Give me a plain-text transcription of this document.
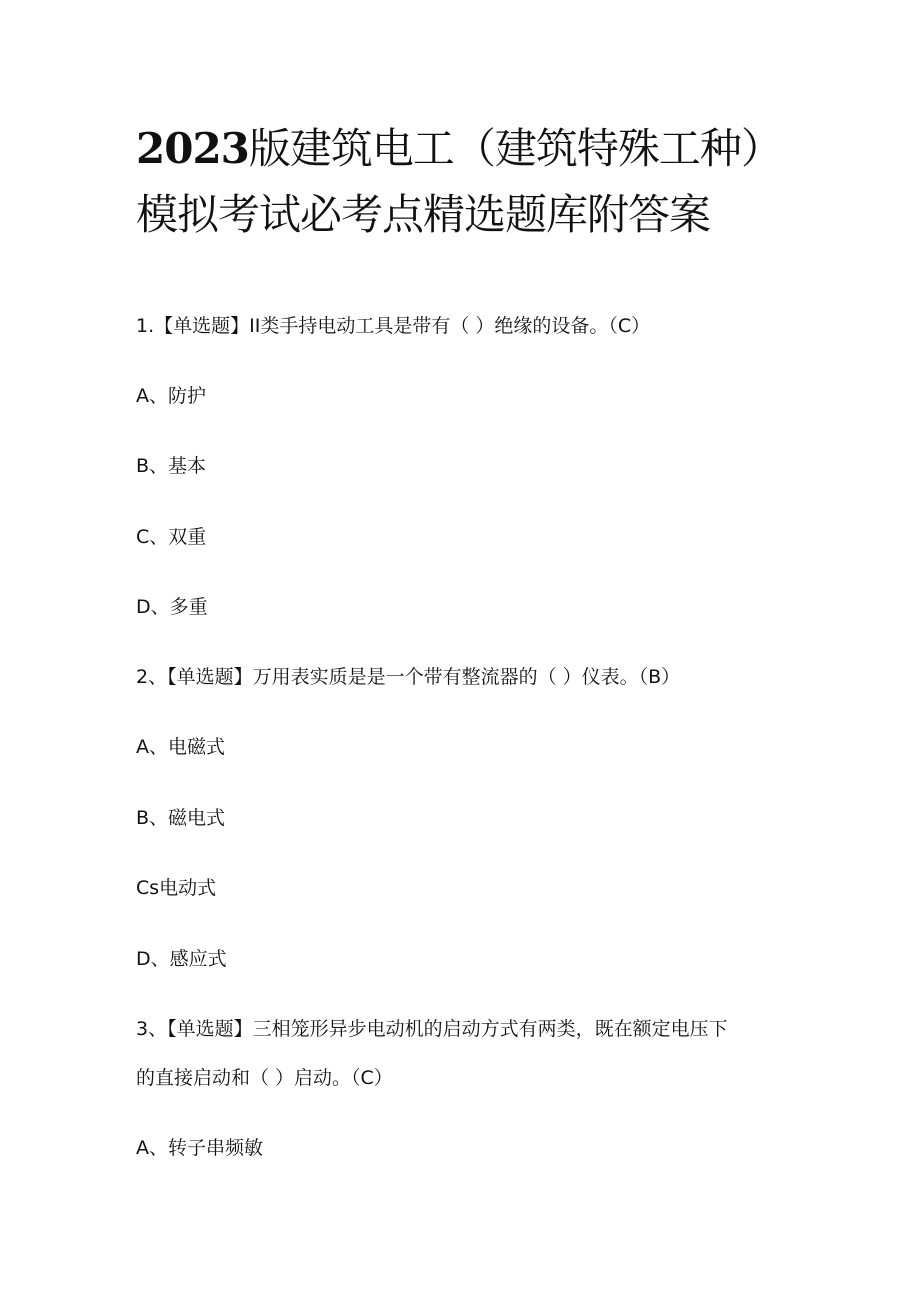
2023版建筑电工（建筑特殊工种）
模拟考试必考点精选题库附答案
1.【单选题】II类手持电动工具是带有（ ）绝缘的设备。（C）
A、防护
B、基本
C、双重
D、多重
2、【单选题】万用表实质是是一个带有整流器的（ ）仪表。（B）
A、电磁式
B、磁电式
Cs电动式
D、感应式
3、【单选题】三相笼形异步电动机的启动方式有两类，既在额定电压下
的直接启动和（ ）启动。（C）
A、转子串频敏
